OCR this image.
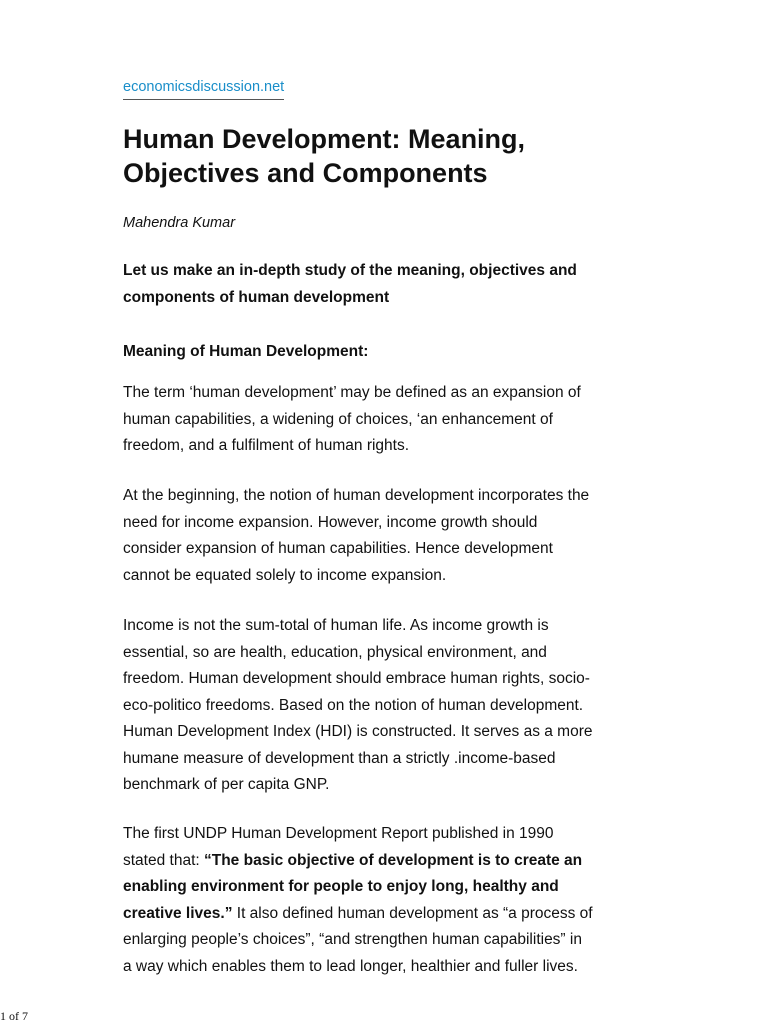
economicsdiscussion.net
Human Development: Meaning,
Objectives and Components
Mahendra Kumar

Let us make an in-depth study of the meaning, objectives and
components of human development

Meaning of Human Development:

The term ‘human development’ may be defined as an expansion of
human capabilities, a widening of choices, ‘an enhancement of
freedom, and a fulfilment of human rights.

At the beginning, the notion of human development incorporates the
need for income expansion. However, income growth should
consider expansion of human capabilities. Hence development
cannot be equated solely to income expansion.

Income is not the sum-total of human life. As income growth is
essential, so are health, education, physical environment, and
freedom. Human development should embrace human rights, socio-
eco-politico freedoms. Based on the notion of human development.
Human Development Index (HDI) is constructed. It serves as a more
humane measure of development than a strictly .income-based
benchmark of per capita GNP.

The first UNDP Human Development Report published in 1990
stated that: “The basic objective of development is to create an
enabling environment for people to enjoy long, healthy and
creative lives.” It also defined human development as “a process of
enlarging people’s choices”, “and strengthen human capabilities” in
a way which enables them to lead longer, healthier and fuller lives.

1 of 7
